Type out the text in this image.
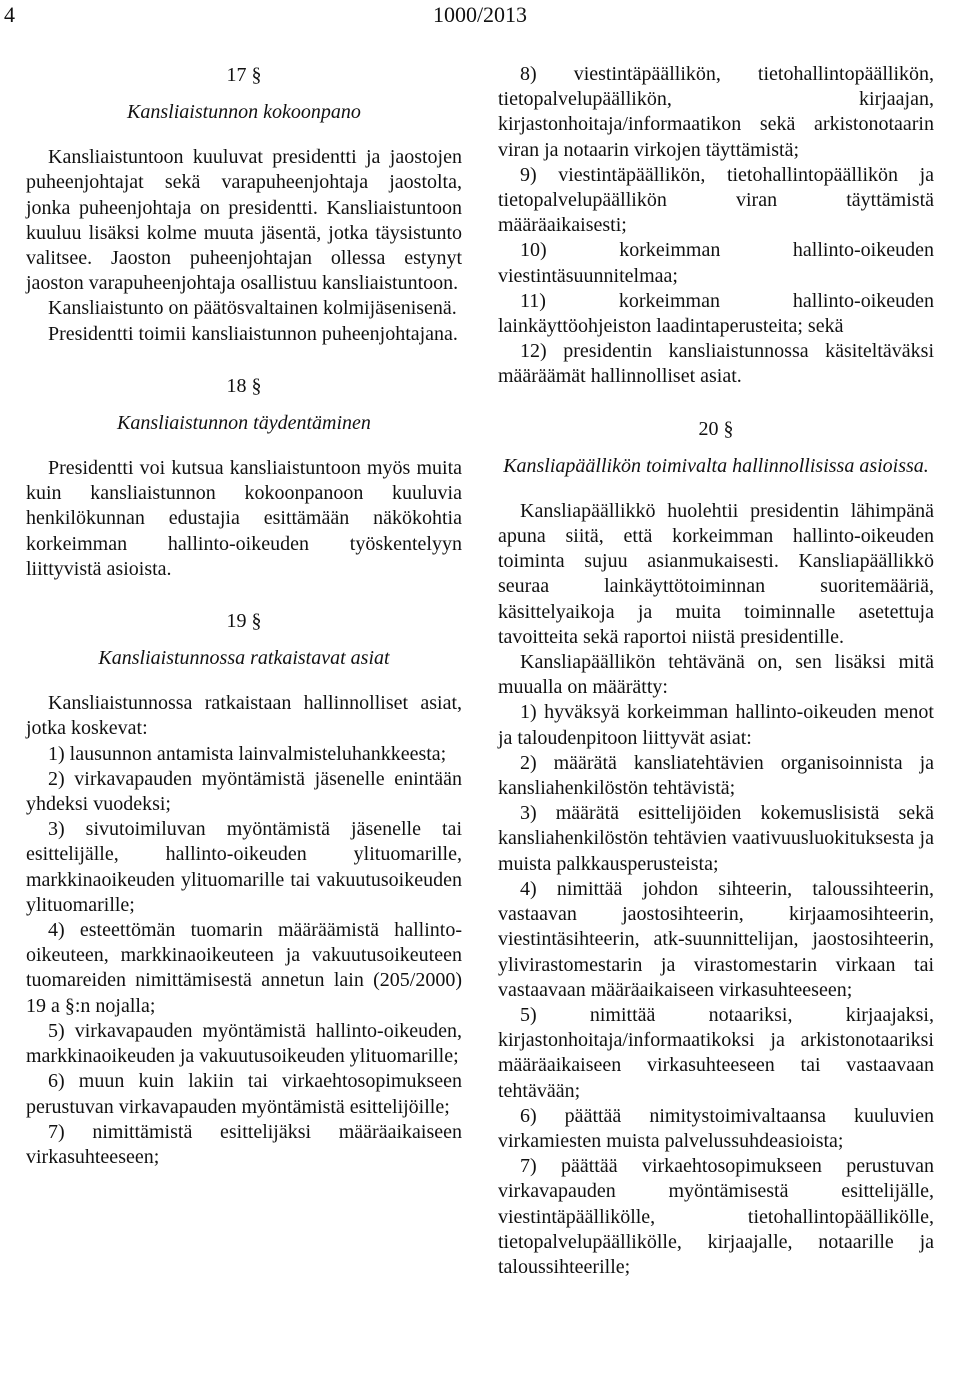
4	1000/2013
17 §
Kansliaistunnon kokoonpano

Kansliaistuntoon kuuluvat presidentti ja jaostojen puheenjohtajat sekä varapuheenjohtaja jaostolta, jonka puheenjohtaja on presidentti. Kansliaistuntoon kuuluu lisäksi kolme muuta jäsentä, jotka täysistunto valitsee. Jaoston puheenjohtajan ollessa estynyt jaoston varapuheenjohtaja osallistuu kansliaistuntoon.

Kansliaistunto on päätösvaltainen kolmijäsenisenä.

Presidentti toimii kansliaistunnon puheenjohtajana.

18 §
Kansliaistunnon täydentäminen

Presidentti voi kutsua kansliaistuntoon myös muita kuin kansliaistunnon kokoonpanoon kuuluvia henkilökunnan edustajia esittämään näkökohtia korkeimman hallinto-oikeuden työskentelyyn liittyvistä asioista.

19 §
Kansliaistunnossa ratkaistavat asiat

Kansliaistunnossa ratkaistaan hallinnolliset asiat, jotka koskevat:

1) lausunnon antamista lainvalmisteluhankkeesta;

2) virkavapauden myöntämistä jäsenelle enintään yhdeksi vuodeksi;

3) sivutoimiluvan myöntämistä jäsenelle tai esittelijälle, hallinto-oikeuden ylituomarille, markkinaoikeuden ylituomarille tai vakuutusoikeuden ylituomarille;

4) esteettömän tuomarin määräämistä hallinto-oikeuteen, markkinaoikeuteen ja vakuutusoikeuteen tuomareiden nimittämisestä annetun lain (205/2000) 19 a §:n nojalla;

5) virkavapauden myöntämistä hallinto-oikeuden, markkinaoikeuden ja vakuutusoikeuden ylituomarille;

6) muun kuin lakiin tai virkaehtosopimukseen perustuvan virkavapauden myöntämistä esittelijöille;

7) nimittämistä esittelijäksi määräaikaiseen virkasuhteeseen;

8) viestintäpäällikön, tietohallintopäällikön, tietopalvelupäällikön, kirjaajan, kirjastonhoitaja/informaatikon sekä arkistonotaarin viran ja notaarin virkojen täyttämistä;

9) viestintäpäällikön, tietohallintopäällikön ja tietopalvelupäällikön viran täyttämistä määräaikaisesti;

10) korkeimman hallinto-oikeuden viestintäsuunnitelmaa;

11) korkeimman hallinto-oikeuden lainkäyttöohjeiston laadintaperusteita; sekä

12) presidentin kansliaistunnossa käsiteltäväksi määräämät hallinnolliset asiat.

20 §
Kansliapäällikön toimivalta hallinnollisissa asioissa.

Kansliapäällikkö huolehtii presidentin lähimpänä apuna siitä, että korkeimman hallinto-oikeuden toiminta sujuu asianmukaisesti. Kansliapäällikkö seuraa lainkäyttötoiminnan suoritemääriä, käsittelyaikoja ja muita toiminnalle asetettuja tavoitteita sekä raportoi niistä presidentille.

Kansliapäällikön tehtävänä on, sen lisäksi mitä muualla on määrätty:

1) hyväksyä korkeimman hallinto-oikeuden menot ja taloudenpitoon liittyvät asiat:

2) määrätä kansliatehtävien organisoinnista ja kansliahenkilöstön tehtävistä;

3) määrätä esittelijöiden kokemuslisistä sekä kansliahenkilöstön tehtävien vaativuusluokituksesta ja muista palkkausperusteista;

4) nimittää johdon sihteerin, taloussihteerin, vastaavan jaostosihteerin, kirjaamosihteerin, viestintäsihteerin, atk-suunnittelijan, jaostosihteerin, ylivirastomestarin ja virastomestarin virkaan tai vastaavaan määräaikaiseen virkasuhteeseen;

5) nimittää notaariksi, kirjaajaksi, kirjastonhoitaja/informaatikoksi ja arkistonotaariksi määräaikaiseen virkasuhteeseen tai vastaavaan tehtävään;

6) päättää nimitystoimivaltaansa kuuluvien virkamiesten muista palvelussuhdeasioista;

7) päättää virkaehtosopimukseen perustuvan virkavapauden myöntämisestä esittelijälle, viestintäpäällikölle, tietohallintopäällikölle, tietopalvelupäällikölle, kirjaajalle, notaarille ja taloussihteerille;
